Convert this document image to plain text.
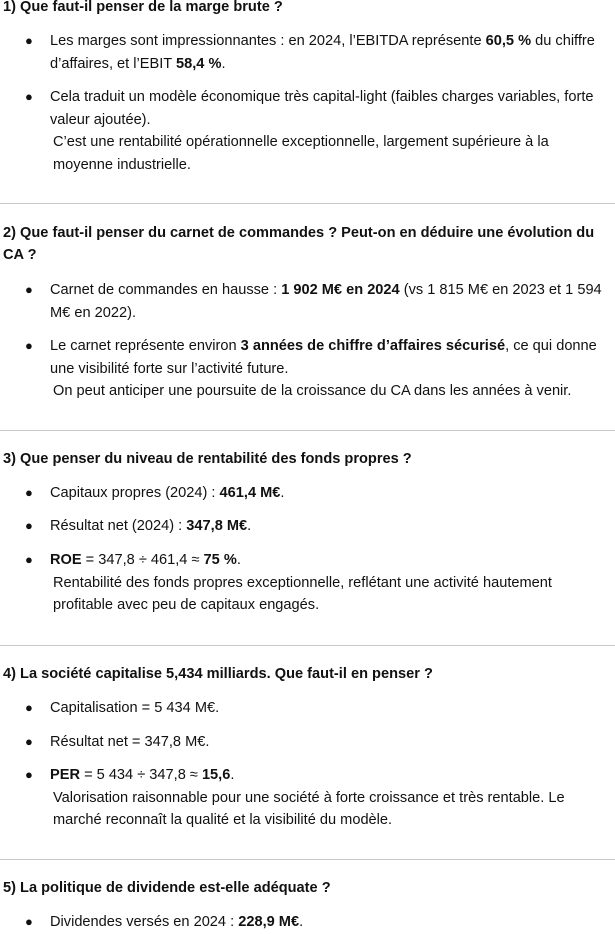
1) Que faut-il penser de la marge brute ?
● Les marges sont impressionnantes : en 2024, l’EBITDA représente 60,5 % du chiffre d’affaires, et l’EBIT 58,4 %.
● Cela traduit un modèle économique très capital-light (faibles charges variables, forte valeur ajoutée).
C’est une rentabilité opérationnelle exceptionnelle, largement supérieure à la moyenne industrielle.
2) Que faut-il penser du carnet de commandes ? Peut-on en déduire une évolution du CA ?
● Carnet de commandes en hausse : 1 902 M€ en 2024 (vs 1 815 M€ en 2023 et 1 594 M€ en 2022).
● Le carnet représente environ 3 années de chiffre d’affaires sécurisé, ce qui donne une visibilité forte sur l’activité future.
On peut anticiper une poursuite de la croissance du CA dans les années à venir.
3) Que penser du niveau de rentabilité des fonds propres ?
● Capitaux propres (2024) : 461,4 M€.
● Résultat net (2024) : 347,8 M€.
● ROE = 347,8 ÷ 461,4 ≈ 75 %.
Rentabilité des fonds propres exceptionnelle, reflétant une activité hautement profitable avec peu de capitaux engagés.
4) La société capitalise 5,434 milliards. Que faut-il en penser ?
● Capitalisation = 5 434 M€.
● Résultat net = 347,8 M€.
● PER = 5 434 ÷ 347,8 ≈ 15,6.
Valorisation raisonnable pour une société à forte croissance et très rentable. Le marché reconnaît la qualité et la visibilité du modèle.
5) La politique de dividende est-elle adéquate ?
● Dividendes versés en 2024 : 228,9 M€.
